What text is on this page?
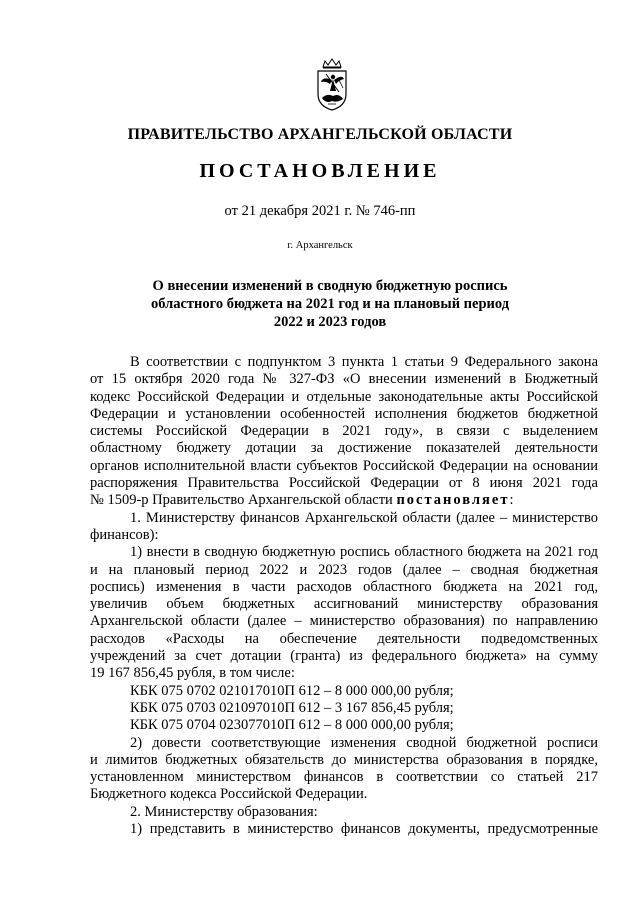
ПРАВИТЕЛЬСТВО АРХАНГЕЛЬСКОЙ ОБЛАСТИ
ПОСТАНОВЛЕНИЕ
от 21 декабря 2021 г. № 746-пп
г. Архангельск
О внесении изменений в сводную бюджетную роспись
областного бюджета на 2021 год и на плановый период
2022 и 2023 годов
В соответствии с подпунктом 3 пункта 1 статьи 9 Федерального закона
от 15 октября 2020 года № 327-ФЗ «О внесении изменений в Бюджетный
кодекс Российской Федерации и отдельные законодательные акты Российской
Федерации и установлении особенностей исполнения бюджетов бюджетной
системы Российской Федерации в 2021 году», в связи с выделением
областному бюджету дотации за достижение показателей деятельности
органов исполнительной власти субъектов Российской Федерации на основании
распоряжения Правительства Российской Федерации от 8 июня 2021 года
№ 1509-р Правительство Архангельской области постановляет:
1. Министерству финансов Архангельской области (далее – министерство
финансов):
1) внести в сводную бюджетную роспись областного бюджета на 2021 год
и на плановый период 2022 и 2023 годов (далее – сводная бюджетная
роспись) изменения в части расходов областного бюджета на 2021 год,
увеличив объем бюджетных ассигнований министерству образования
Архангельской области (далее – министерство образования) по направлению
расходов «Расходы на обеспечение деятельности подведомственных
учреждений за счет дотации (гранта) из федерального бюджета» на сумму
19 167 856,45 рубля, в том числе:
КБК 075 0702 021017010П 612 – 8 000 000,00 рубля;
КБК 075 0703 021097010П 612 – 3 167 856,45 рубля;
КБК 075 0704 023077010П 612 – 8 000 000,00 рубля;
2) довести соответствующие изменения сводной бюджетной росписи
и лимитов бюджетных обязательств до министерства образования в порядке,
установленном министерством финансов в соответствии со статьей 217
Бюджетного кодекса Российской Федерации.
2. Министерству образования:
1) представить в министерство финансов документы, предусмотренные
